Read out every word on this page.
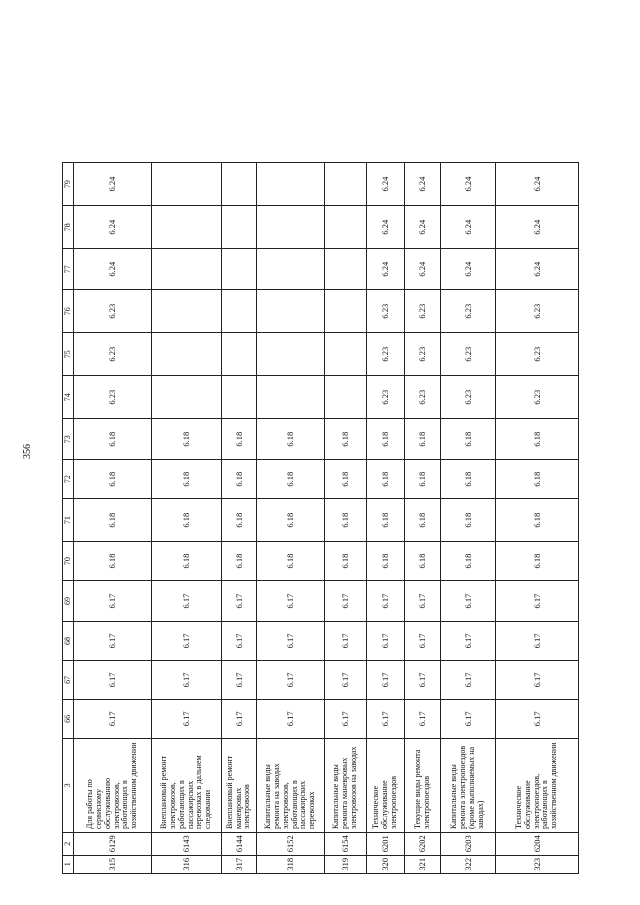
356
1	2	3	66	67	68	69	70	71	72	73	74	75	76	77	78	79
315	6129	Для работы по сервисному обслуживанию электровозов, работающих в хозяйственном движении	6.17	6.17	6.17	6.17	6.18	6.18	6.18	6.18	6.23	6.23	6.23	6.24	6.24	6.24
316	6143	Внеплановый ремонт электровозов, работающих в пассажирских перевозках в дальнем следовании	6.17	6.17	6.17	6.17	6.18	6.18	6.18	6.18						
317	6144	Внеплановый ремонт маневровых электровозов	6.17	6.17	6.17	6.17	6.18	6.18	6.18	6.18						
318	6152	Капитальные виды ремонта на заводах электровозов, работающих в пассажирских перевозках	6.17	6.17	6.17	6.17	6.18	6.18	6.18	6.18						
319	6154	Капитальные виды ремонта маневровых электровозов на заводах	6.17	6.17	6.17	6.17	6.18	6.18	6.18	6.18						
320	6201	Техническое обслуживание электропоездов	6.17	6.17	6.17	6.17	6.18	6.18	6.18	6.18	6.23	6.23	6.23	6.24	6.24	6.24
321	6202	Текущие виды ремонта электропоездов	6.17	6.17	6.17	6.17	6.18	6.18	6.18	6.18	6.23	6.23	6.23	6.24	6.24	6.24
322	6203	Капитальные виды ремонта электропоездов (кроме выполняемых на заводах)	6.17	6.17	6.17	6.17	6.18	6.18	6.18	6.18	6.23	6.23	6.23	6.24	6.24	6.24
323	6204	Техническое обслуживание электропоездов, работающих в хозяйственном движении	6.17	6.17	6.17	6.17	6.18	6.18	6.18	6.18	6.23	6.23	6.23	6.24	6.24	6.24
